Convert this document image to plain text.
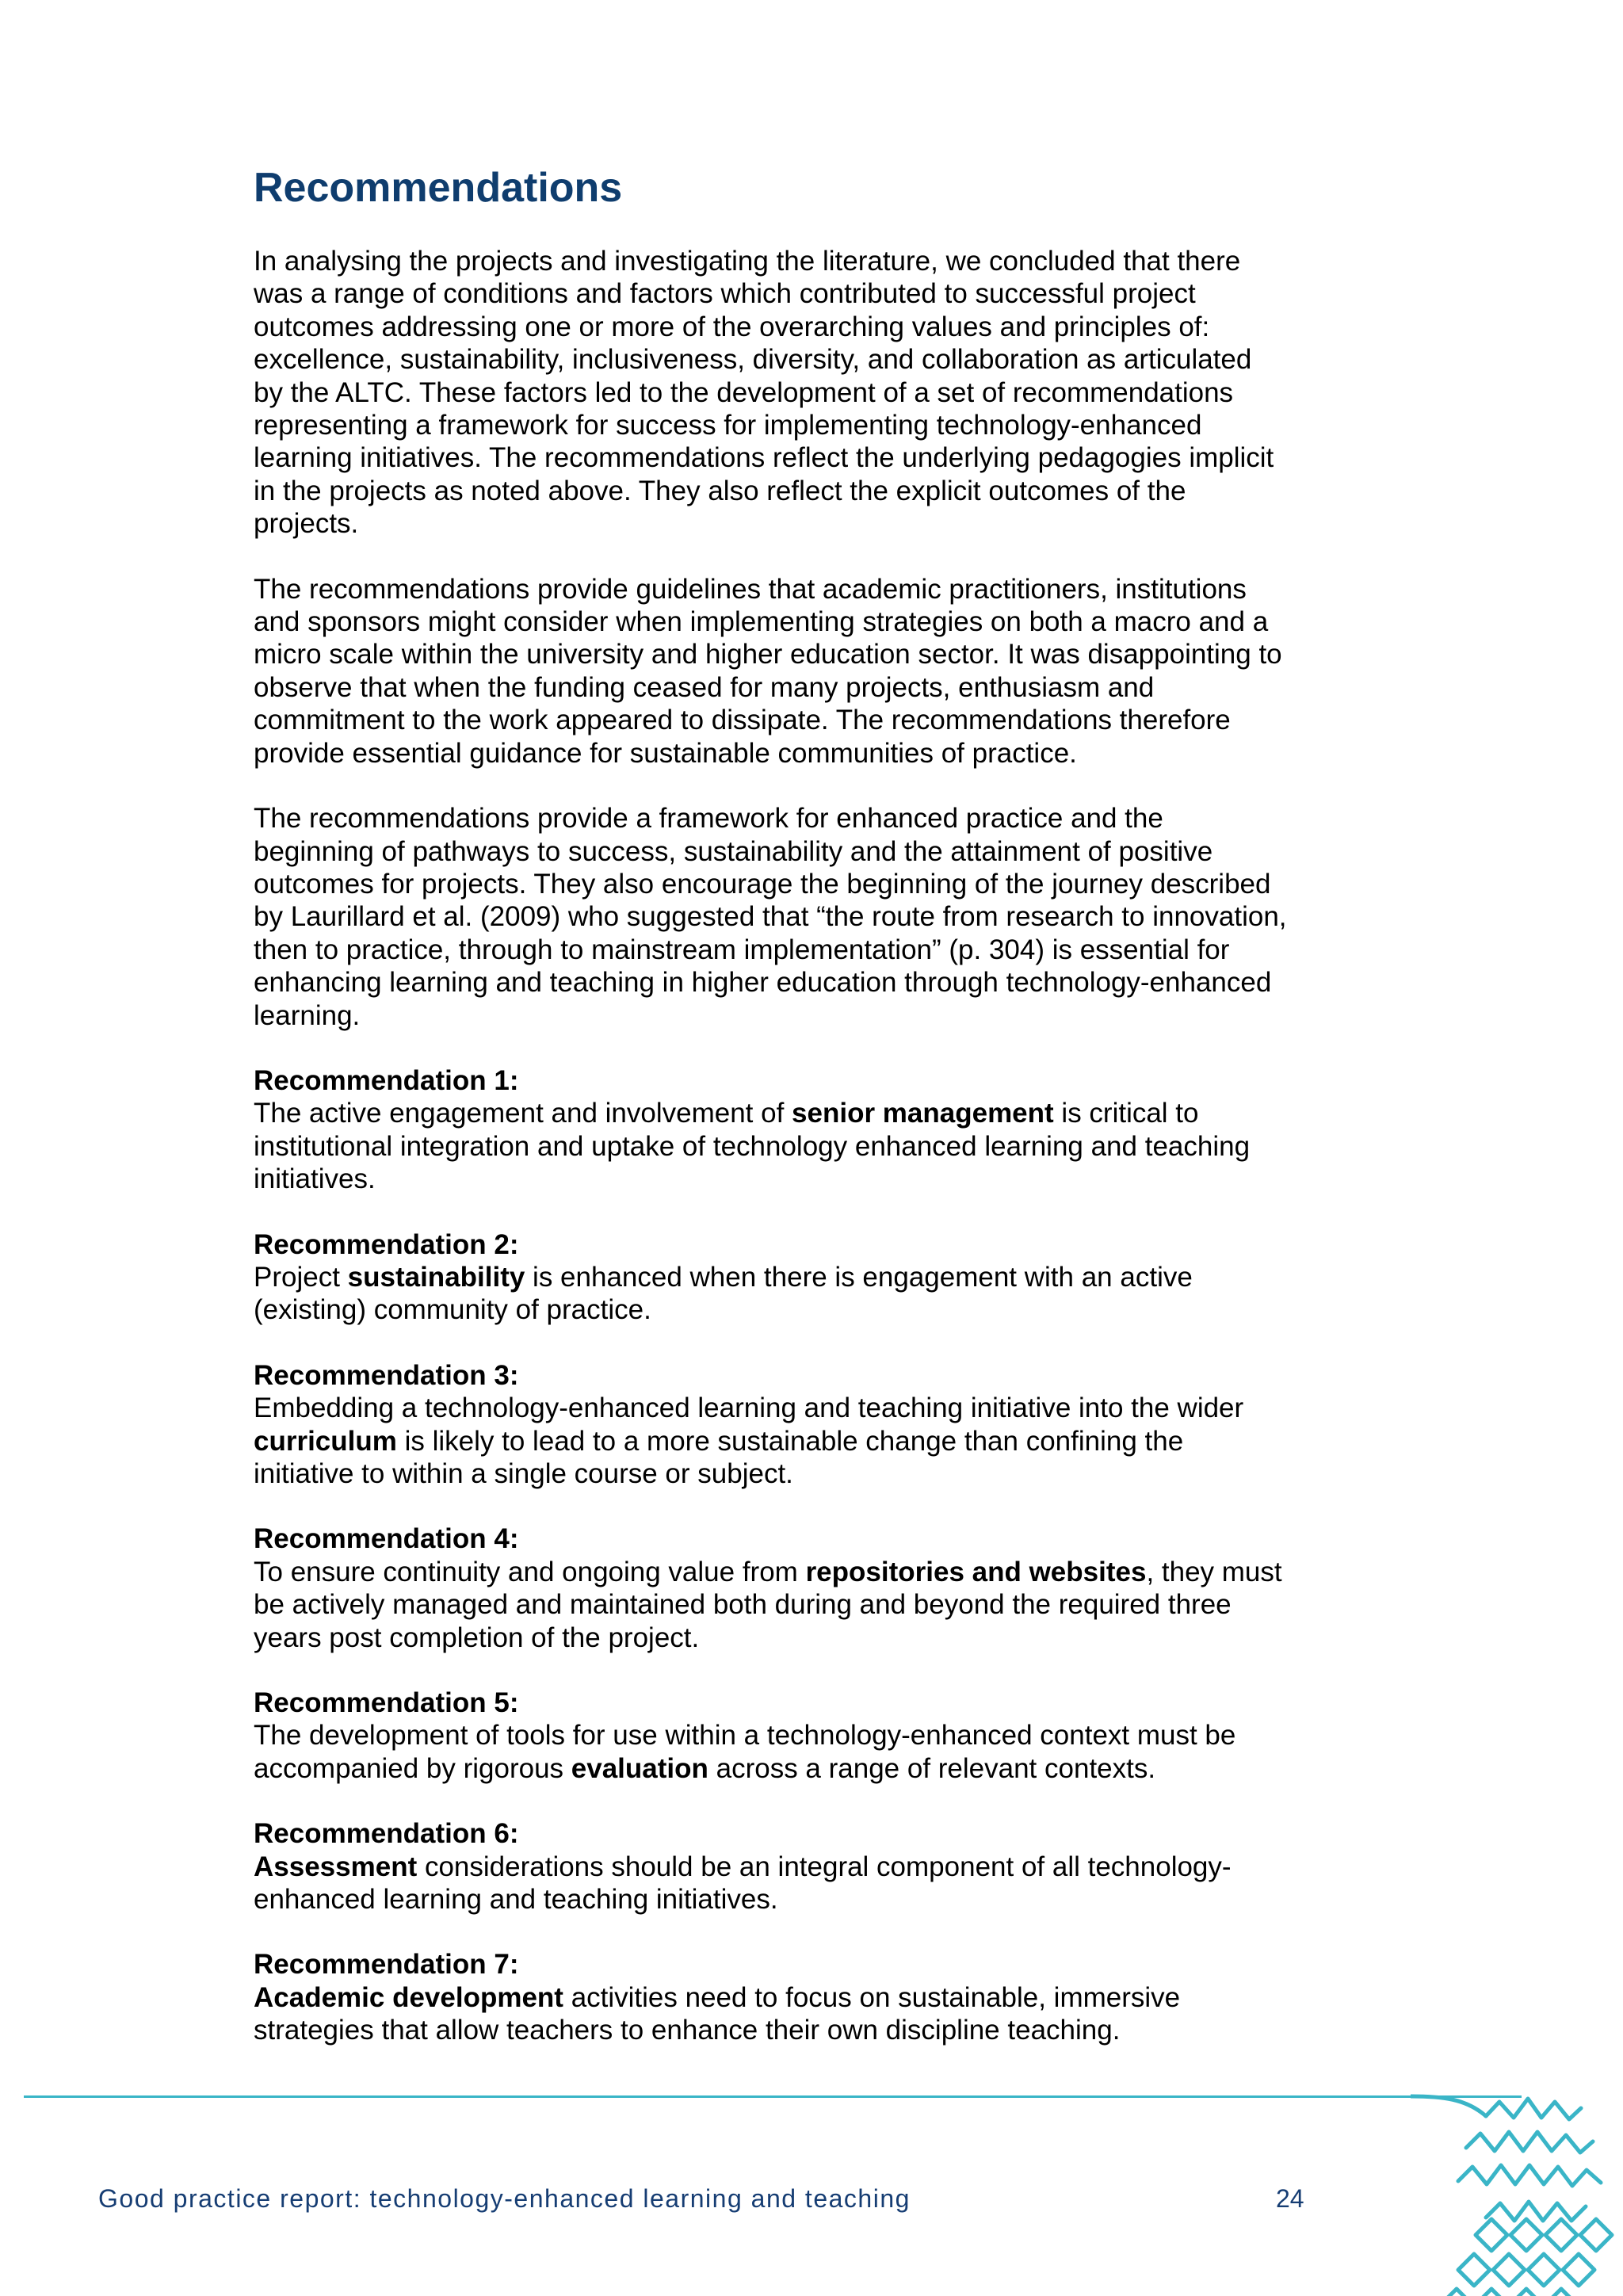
Recommendations

In analysing the projects and investigating the literature, we concluded that there
was a range of conditions and factors which contributed to successful project
outcomes addressing one or more of the overarching values and principles of:
excellence, sustainability, inclusiveness, diversity, and collaboration as articulated
by the ALTC. These factors led to the development of a set of recommendations
representing a framework for success for implementing technology-enhanced
learning initiatives. The recommendations reflect the underlying pedagogies implicit
in the projects as noted above. They also reflect the explicit outcomes of the
projects.

The recommendations provide guidelines that academic practitioners, institutions
and sponsors might consider when implementing strategies on both a macro and a
micro scale within the university and higher education sector. It was disappointing to
observe that when the funding ceased for many projects, enthusiasm and
commitment to the work appeared to dissipate. The recommendations therefore
provide essential guidance for sustainable communities of practice.

The recommendations provide a framework for enhanced practice and the
beginning of pathways to success, sustainability and the attainment of positive
outcomes for projects. They also encourage the beginning of the journey described
by Laurillard et al. (2009) who suggested that “the route from research to innovation,
then to practice, through to mainstream implementation” (p. 304) is essential for
enhancing learning and teaching in higher education through technology-enhanced
learning.

Recommendation 1:
The active engagement and involvement of senior management is critical to
institutional integration and uptake of technology enhanced learning and teaching
initiatives.
Recommendation 2:
Project sustainability is enhanced when there is engagement with an active
(existing) community of practice.
Recommendation 3:
Embedding a technology-enhanced learning and teaching initiative into the wider
curriculum is likely to lead to a more sustainable change than confining the
initiative to within a single course or subject.
Recommendation 4:
To ensure continuity and ongoing value from repositories and websites, they must
be actively managed and maintained both during and beyond the required three
years post completion of the project.
Recommendation 5:
The development of tools for use within a technology-enhanced context must be
accompanied by rigorous evaluation across a range of relevant contexts.
Recommendation 6:
Assessment considerations should be an integral component of all technology-
enhanced learning and teaching initiatives.
Recommendation 7:
Academic development activities need to focus on sustainable, immersive
strategies that allow teachers to enhance their own discipline teaching.
Good practice report: technology-enhanced learning and teaching	24
